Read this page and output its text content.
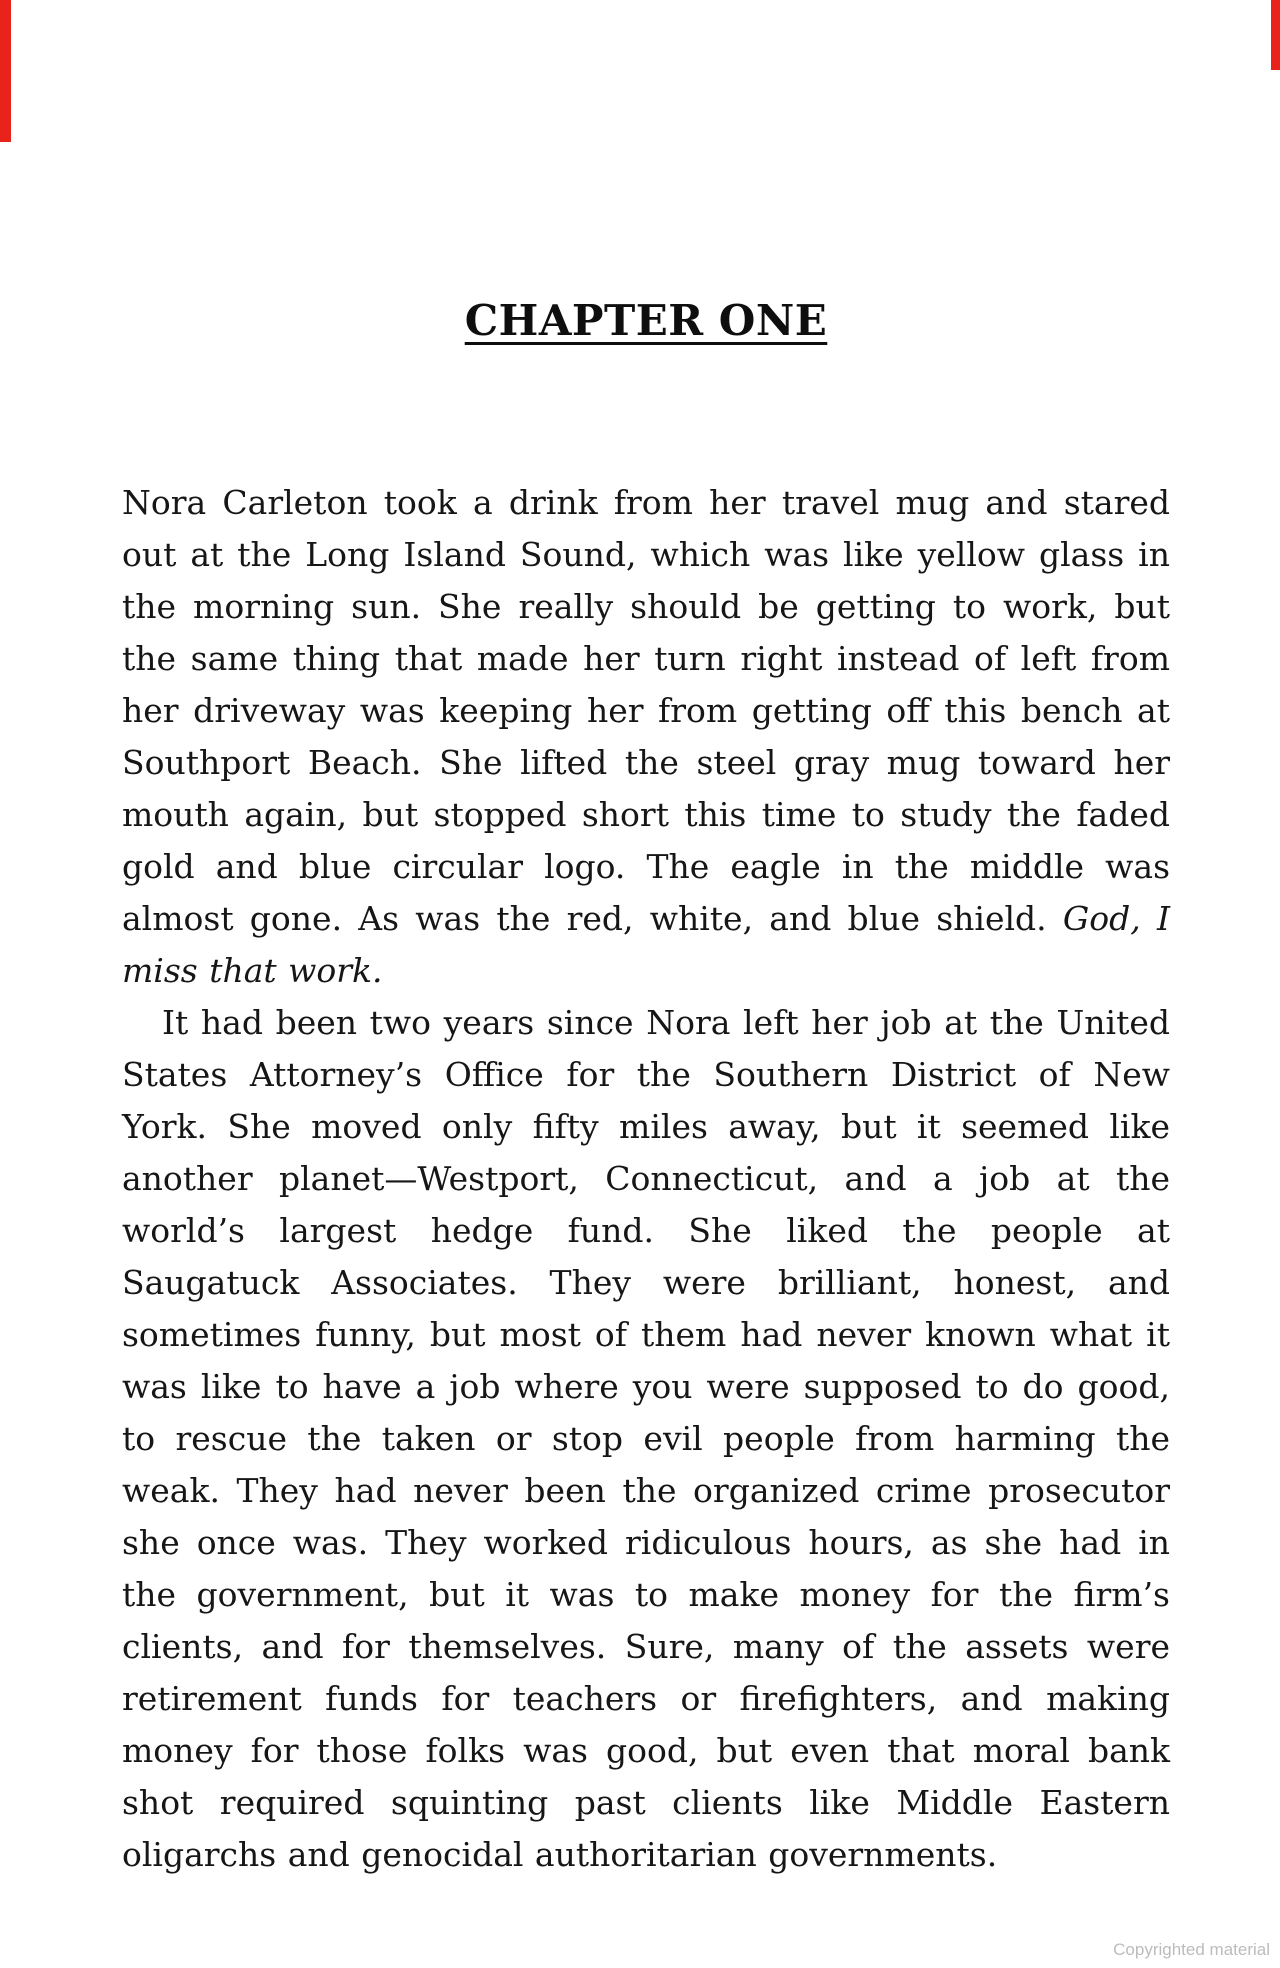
CHAPTER ONE

Nora Carleton took a drink from her travel mug and stared out at the Long Island Sound, which was like yellow glass in the morning sun. She really should be getting to work, but the same thing that made her turn right instead of left from her driveway was keeping her from getting off this bench at Southport Beach. She lifted the steel gray mug toward her mouth again, but stopped short this time to study the faded gold and blue circular logo. The eagle in the middle was almost gone. As was the red, white, and blue shield. God, I miss that work.

It had been two years since Nora left her job at the United States Attorney’s Office for the Southern District of New York. She moved only fifty miles away, but it seemed like another planet—Westport, Connecticut, and a job at the world’s largest hedge fund. She liked the people at Saugatuck Associates. They were brilliant, honest, and sometimes funny, but most of them had never known what it was like to have a job where you were supposed to do good, to rescue the taken or stop evil people from harming the weak. They had never been the organized crime prosecutor she once was. They worked ridiculous hours, as she had in the government, but it was to make money for the firm’s clients, and for themselves. Sure, many of the assets were retirement funds for teachers or firefighters, and making money for those folks was good, but even that moral bank shot required squinting past clients like Middle Eastern oligarchs and genocidal authoritarian governments.

Copyrighted material
